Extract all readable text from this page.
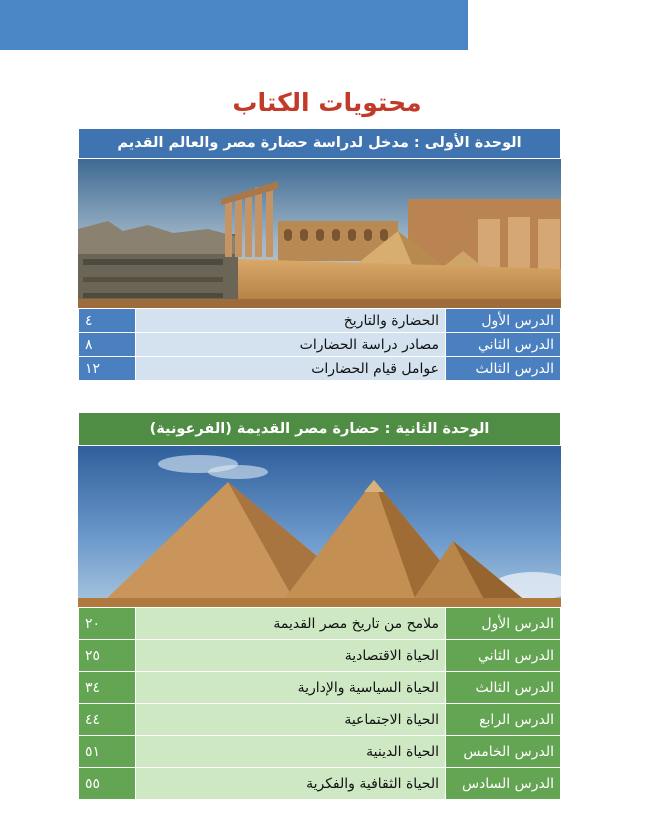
محتويات الكتاب
الوحدة الأولى : مدخل لدراسة حضارة مصر والعالم القديم
الدرس الأول	الحضارة والتاريخ	٤
الدرس الثاني	مصادر دراسة الحضارات	٨
الدرس الثالث	عوامل قيام الحضارات	١٢
الوحدة الثانية : حضارة مصر القديمة (الفرعونية)
الدرس الأول	ملامح من تاريخ مصر القديمة	٢٠
الدرس الثاني	الحياة الاقتصادية	٢٥
الدرس الثالث	الحياة السياسية والإدارية	٣٤
الدرس الرابع	الحياة الاجتماعية	٤٤
الدرس الخامس	الحياة الدينية	٥١
الدرس السادس	الحياة الثقافية والفكرية	٥٥
